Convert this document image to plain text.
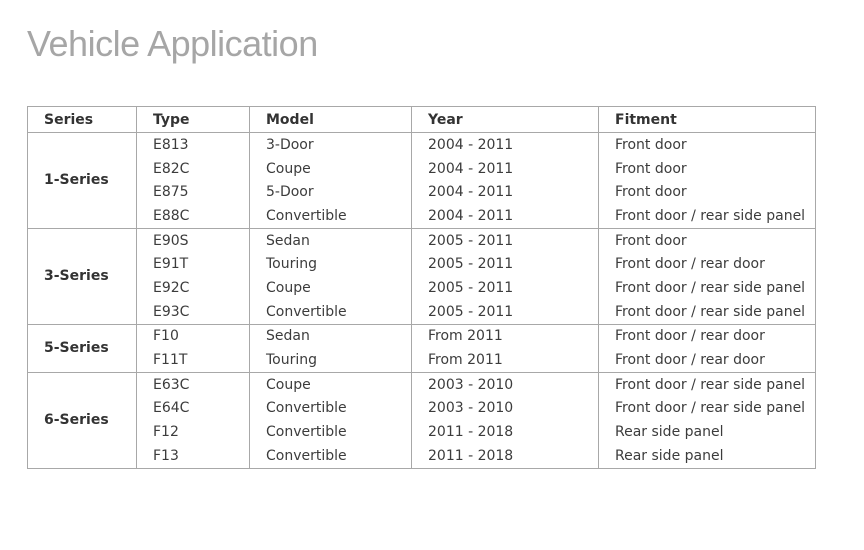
Vehicle Application
Series	Type	Model	Year	Fitment
1-Series	E813	3-Door	2004 - 2011	Front door
	E82C	Coupe	2004 - 2011	Front door
	E875	5-Door	2004 - 2011	Front door
	E88C	Convertible	2004 - 2011	Front door / rear side panel
3-Series	E90S	Sedan	2005 - 2011	Front door
	E91T	Touring	2005 - 2011	Front door / rear door
	E92C	Coupe	2005 - 2011	Front door / rear side panel
	E93C	Convertible	2005 - 2011	Front door / rear side panel
5-Series	F10	Sedan	From 2011	Front door / rear door
	F11T	Touring	From 2011	Front door / rear door
6-Series	E63C	Coupe	2003 - 2010	Front door / rear side panel
	E64C	Convertible	2003 - 2010	Front door / rear side panel
	F12	Convertible	2011 - 2018	Rear side panel
	F13	Convertible	2011 - 2018	Rear side panel
